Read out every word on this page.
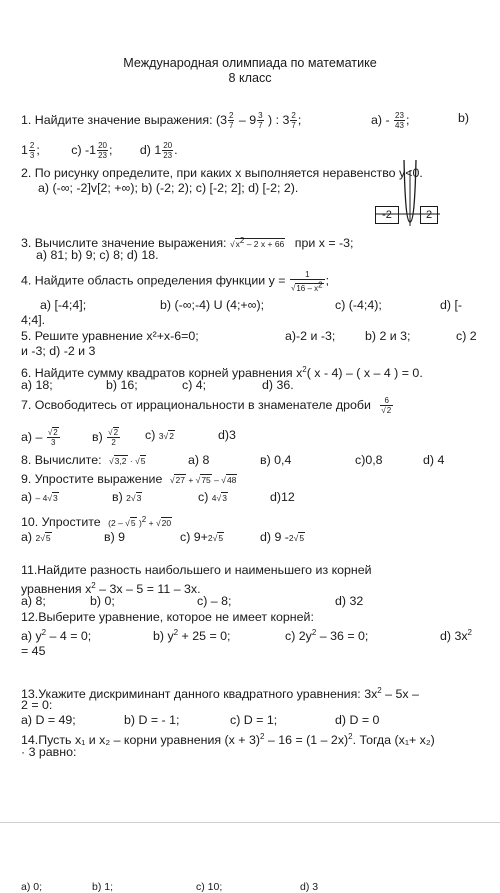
Международная олимпиада по математике
8 класс
1. Найдите значение выражения: ($3 \frac{2}{7} - 9 \frac{3}{7}$ ) : $3 \frac{2}{7}$ ;	$a) - \frac{23}{43}$ ;	b)
$1 \frac{2}{3}$ ;	c) $-1 \frac{20}{23}$ ; d) $1 \frac{20}{23}$ .
2. По рисунку определите, при каких х выполняется неравенство у<0.
a) (-∞; -2]v[2; +∞); b) (-2; 2); c) [-2; 2]; d) [-2; 2).
-2	2
3. Вычислите значение выражения: $√x^2 - 2$ x + 66 при х = -3;
a) 81; b) 9; c) 8; d) 18.
4. Найдите область определения функции $у = \frac{1}{√16 - x^2}$ ;
a) [-4;4];	b) (-∞;-4) U (4;+∞);	c) (-4;4);	d) [-
4;4].
5. Решите уравнение х²+х-6=0;	a)-2 и -3; b) 2 и 3;	c) 2
и -3; d) -2 и 3
6. Найдите сумму квадратов корней уравнения $x^2$( x - 4) – ( x – 4 ) = 0.
a) 18;	b) 16;	c) 4;	d) 36.
7. Освободитесь от иррациональности в знаменателе дроби $\frac{6}{√2}$
$a) - \frac{√2}{3}$	$в) \frac{√2}{2} c$) 3√2	d)3
8. Вычислите: √3,2 · √5	a) 8	в) 0,4	с)0,8	d) 4
9. Упростите выражение √27 + √75 – √48
a) – 4√3	в) 2√3	c) 4√3	d)12
10. Упростите (2 – √5 )$^2$ + √20
a) 2√5	в) 9	c) 9+2√5	d) 9 -2√5
11.Найдите разность наибольшего и наименьшего из корней
уравнения $x^2 - 3x - 5 = 11 - 3x$.
a) 8;	b) 0;	c) – 8;	d) 32
12.Выберите уравнение, которое не имеет корней:
a) $y^2 - 4 = 0$;	b) $y^2 + 25 = 0$;	c) $2y^2 - 36 = 0$;	d) $3x^2$
= 45
13.Укажите дискриминант данного квадратного уравнения: $3x^2 - 5x$ –
2 = 0:
a) D = 49;	b) D = - 1;	c) D = 1;	d) D = 0
14.Пусть x₁ и x₂ – корни уравнения $(x + 3)^2 - 16 = (1 - 2x)^2$. Тогда (x₁+ x₂)
· 3 равно:
a) 0;	b) 1;	c) 10;	d) 3
